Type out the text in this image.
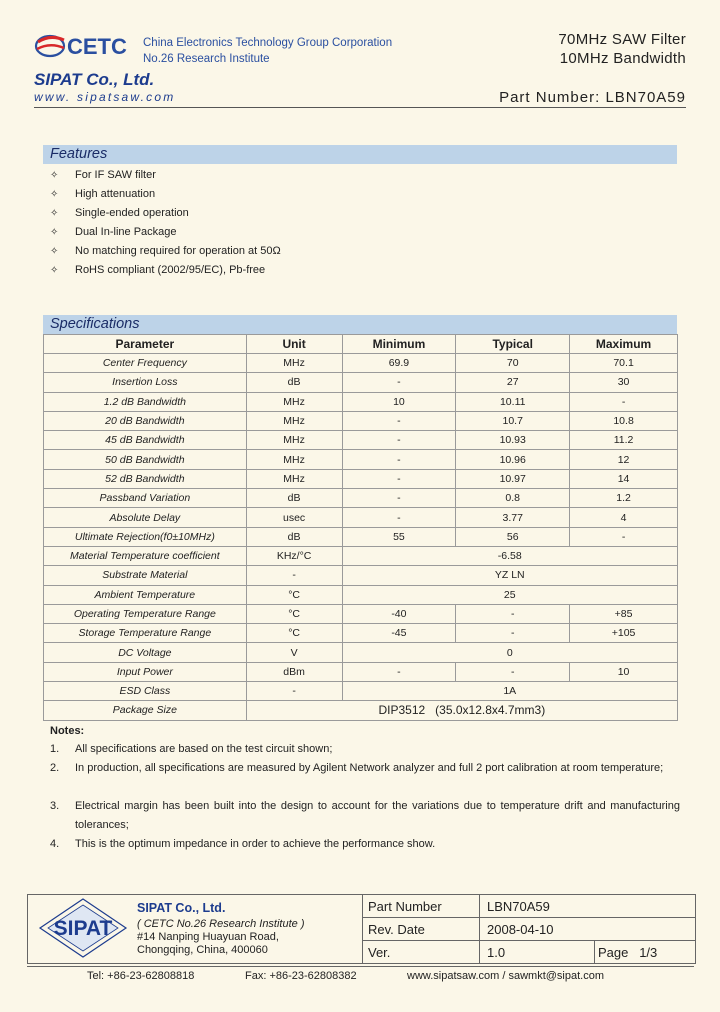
CETC China Electronics Technology Group Corporation
No.26 Research Institute
70MHz SAW Filter
10MHz Bandwidth
SIPAT Co., Ltd.
www. sipatsaw.com	Part Number: LBN70A59
Features
✧ For IF SAW filter
✧ High attenuation
✧ Single-ended operation
✧ Dual In-line Package
✧ No matching required for operation at 50Ω
✧ RoHS compliant (2002/95/EC), Pb-free
Specifications
Parameter	Unit	Minimum	Typical	Maximum
Center Frequency	MHz	69.9	70	70.1
Insertion Loss	dB	-	27	30
1.2 dB Bandwidth	MHz	10	10.11	-
20 dB Bandwidth	MHz	-	10.7	10.8
45 dB Bandwidth	MHz	-	10.93	11.2
50 dB Bandwidth	MHz	-	10.96	12
52 dB Bandwidth	MHz	-	10.97	14
Passband Variation	dB	-	0.8	1.2
Absolute Delay	usec	-	3.77	4
Ultimate Rejection(f0±10MHz)	dB	55	56	-
Material Temperature coefficient	KHz/°C	-6.58		
Substrate Material	-	YZ LN		
Ambient Temperature	°C	25		
Operating Temperature Range	°C	-40	-	+85
Storage Temperature Range	°C	-45	-	+105
DC Voltage	V	0		
Input Power	dBm	-	-	10
ESD Class	-	1A		
Package Size	DIP3512   (35.0x12.8x4.7mm3)			
Notes:
1. All specifications are based on the test circuit shown;
2. In production, all specifications are measured by Agilent Network analyzer and full 2 port calibration at room temperature;
3. Electrical margin has been built into the design to account for the variations due to temperature drift and manufacturing tolerances;
4. This is the optimum impedance in order to achieve the performance show.
SIPAT
SIPAT Co., Ltd.
( CETC No.26 Research Institute )
#14 Nanping Huayuan Road,
Chongqing, China, 400060
Part Number	LBN70A59
Rev. Date	2008-04-10
Ver.	1.0	Page   1/3
Tel: +86-23-62808818	Fax: +86-23-62808382	www.sipatsaw.com / sawmkt@sipat.com
